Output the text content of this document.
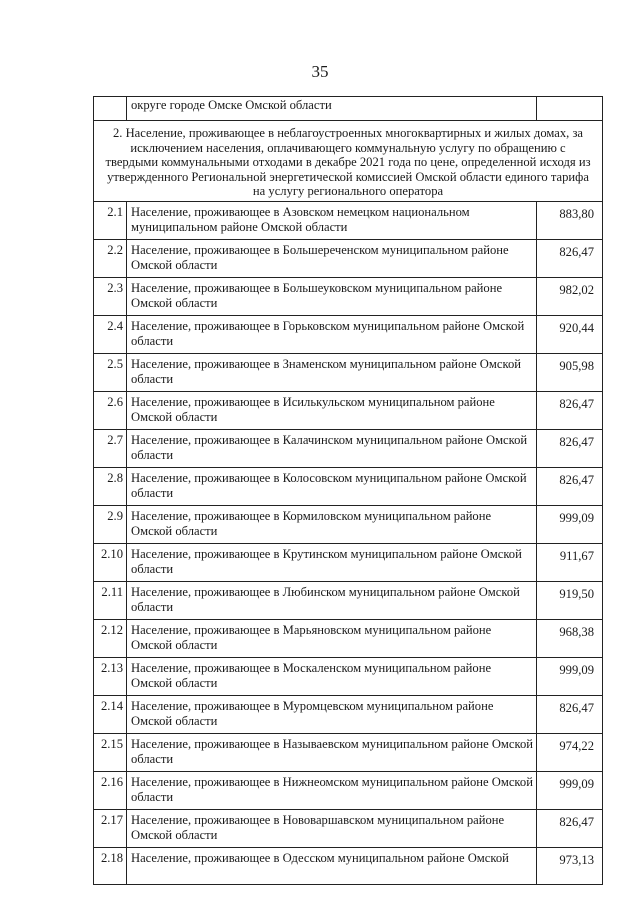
35
	округе городе Омске Омской области	
2. Население, проживающее в неблагоустроенных многоквартирных и жилых домах, за исключением населения, оплачивающего коммунальную услугу по обращению с твердыми коммунальными отходами в декабре 2021 года по цене, определенной исходя из утвержденного Региональной энергетической комиссией Омской области единого тарифа на услугу регионального оператора		
2.1	Население, проживающее в Азовском немецком национальном муниципальном районе Омской области	883,80
2.2	Население, проживающее в Большереченском муниципальном районе Омской области	826,47
2.3	Население, проживающее в Большеуковском муниципальном районе Омской области	982,02
2.4	Население, проживающее в Горьковском муниципальном районе Омской области	920,44
2.5	Население, проживающее в Знаменском муниципальном районе Омской области	905,98
2.6	Население, проживающее в Исилькульском муниципальном районе Омской области	826,47
2.7	Население, проживающее в Калачинском муниципальном районе Омской области	826,47
2.8	Население, проживающее в Колосовском муниципальном районе Омской области	826,47
2.9	Население, проживающее в Кормиловском муниципальном районе Омской области	999,09
2.10	Население, проживающее в Крутинском муниципальном районе Омской области	911,67
2.11	Население, проживающее в Любинском муниципальном районе Омской области	919,50
2.12	Население, проживающее в Марьяновском муниципальном районе Омской области	968,38
2.13	Население, проживающее в Москаленском муниципальном районе Омской области	999,09
2.14	Население, проживающее в Муромцевском муниципальном районе Омской области	826,47
2.15	Население, проживающее в Называевском муниципальном районе Омской области	974,22
2.16	Население, проживающее в Нижнеомском муниципальном районе Омской области	999,09
2.17	Население, проживающее в Нововаршавском муниципальном районе Омской области	826,47
2.18	Население, проживающее в Одесском муниципальном районе Омской	973,13
